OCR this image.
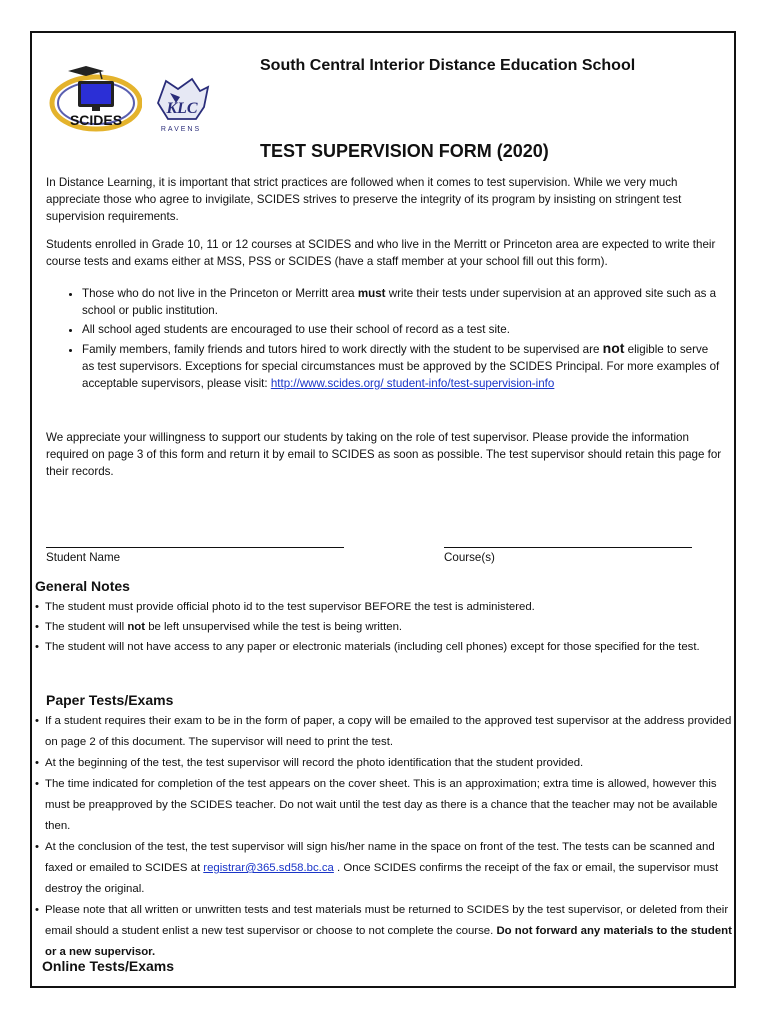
SCIDES
KLC
RAVENS
South Central Interior Distance Education School
TEST SUPERVISION FORM (2020)

In Distance Learning, it is important that strict practices are followed when it comes to test supervision. While we very much appreciate those who agree to invigilate, SCIDES strives to preserve the integrity of its program by insisting on stringent test supervision requirements.

Students enrolled in Grade 10, 11 or 12 courses at SCIDES and who live in the Merritt or Princeton area are expected to write their course tests and exams either at MSS, PSS or SCIDES (have a staff member at your school fill out this form).

• Those who do not live in the Princeton or Merritt area must write their tests under supervision at an approved site such as a school or public institution.
• All school aged students are encouraged to use their school of record as a test site.
• Family members, family friends and tutors hired to work directly with the student to be supervised are not eligible to serve as test supervisors. Exceptions for special circumstances must be approved by the SCIDES Principal. For more examples of acceptable supervisors, please visit: http://www.scides.org/ student-info/test-supervision-info

We appreciate your willingness to support our students by taking on the role of test supervisor. Please provide the information required on page 3 of this form and return it by email to SCIDES as soon as possible. The test supervisor should retain this page for their records.

Student Name	Course(s)
General Notes
• The student must provide official photo id to the test supervisor BEFORE the test is administered.
• The student will not be left unsupervised while the test is being written.
• The student will not have access to any paper or electronic materials (including cell phones) except for those specified for the test.
Paper Tests/Exams
• If a student requires their exam to be in the form of paper, a copy will be emailed to the approved test supervisor at the address provided on page 2 of this document. The supervisor will need to print the test.
• At the beginning of the test, the test supervisor will record the photo identification that the student provided.
• The time indicated for completion of the test appears on the cover sheet. This is an approximation; extra time is allowed, however this must be preapproved by the SCIDES teacher. Do not wait until the test day as there is a chance that the teacher may not be available then.
• At the conclusion of the test, the test supervisor will sign his/her name in the space on front of the test. The tests can be scanned and faxed or emailed to SCIDES at registrar@365.sd58.bc.ca . Once SCIDES confirms the receipt of the fax or email, the supervisor must destroy the original.
• Please note that all written or unwritten tests and test materials must be returned to SCIDES by the test supervisor, or deleted from their email should a student enlist a new test supervisor or choose to not complete the course. Do not forward any materials to the student or a new supervisor.
Online Tests/Exams
